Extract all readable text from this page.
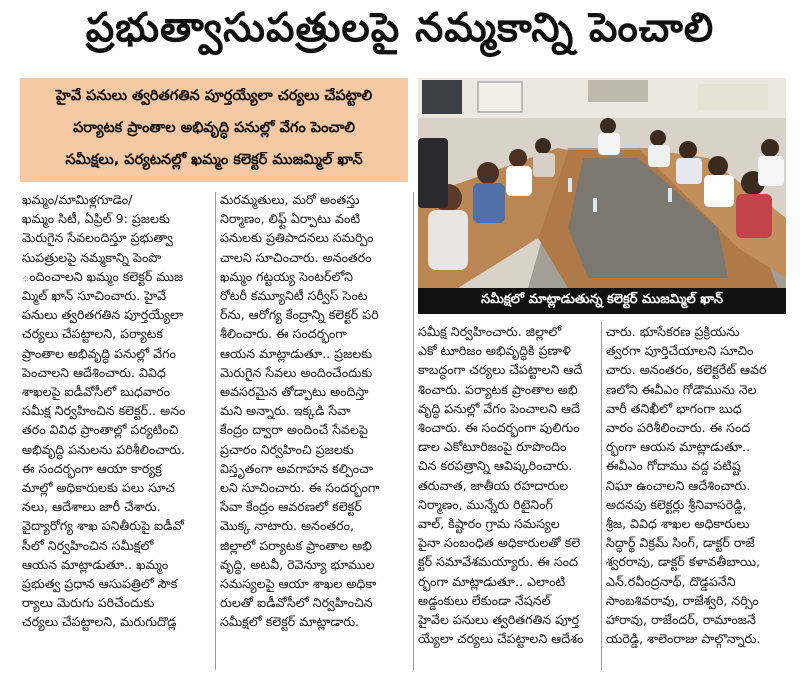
ప్రభుత్వాసుపత్రులపై నమ్మకాన్ని పెంచాలి
హైవే పనులు త్వరితగతిన పూర్తయ్యేలా చర్యలు చేపట్టాలి
పర్యాటక ప్రాంతాల అభివృద్ధి పనుల్లో వేగం పెంచాలి
సమీక్షలు, పర్యటనల్లో ఖమ్మం కలెక్టర్ ముజమ్మిల్ ఖాన్
సమీక్షలో మాట్లాడుతున్న కలెక్టర్ ముజమ్మిల్ ఖాన్

ఖమ్మం/మామిళ్లగూడెం/
ఖమ్మం సిటీ, ఏప్రిల్ 9: ప్రజలకు
మెరుగైన సేవలందిస్తూ ప్రభుత్వా
సుపత్రులపై నమ్మకాన్ని పెంపొ
ందించాలని ఖమ్మం కలెక్టర్ ముజ
మ్మిల్ ఖాన్ సూచించారు. హైవే
పనులు త్వరితగతిన పూర్తయ్యేలా
చర్యలు చేపట్టాలని, పర్యాటక
ప్రాంతాల అభివృద్ధి పనుల్లో వేగం
పెంచాలని ఆదేశించారు. వివిధ
శాఖలపై ఐడీవోసీలో బుధవారం
సమీక్ష నిర్వహించిన కలెక్టర్.. అనం
తరం వివిధ ప్రాంతాల్లో పర్యటించి
అభివృద్ధి పనులను పరిశీలించారు.
ఈ సందర్భంగా ఆయా కార్యక్ర
మాల్లో అధికారులకు పలు సూచ
నలు, ఆదేశాలు జారీ చేశారు.
వైద్యారోగ్య శాఖ పనితీరుపై ఐడీవో
సీలో నిర్వహించిన సమీక్షలో
ఆయన మాట్లాడుతూ.. ఖమ్మం
ప్రభుత్వ ప్రధాన ఆసుపత్రిలో సౌక
ర్యాలు మెరుగు పరిచేందుకు
చర్యలు చేపట్టాలని, మరుగుదొడ్ల

మరమ్మతులు, మరో అంతస్తు
నిర్మాణం, లిఫ్ట్ ఏర్పాటు వంటి
పనులకు ప్రతిపాదనలు సమర్పిం
చాలని సూచించారు. అనంతరం
ఖమ్మం గట్టయ్య సెంటర్‌లోని
రోటరీ కమ్యూనిటీ సర్వీస్ సెంట
ర్‌ను, ఆరోగ్య కేంద్రాన్ని కలెక్టర్ పరి
శీలించారు. ఈ సందర్భంగా
ఆయన మాట్లాడుతూ.. ప్రజలకు
మెరుగైన సేవలు అందించేందుకు
అవసరమైన తోడ్పాటు అందిస్తా
మని అన్నారు. ఇక్కడి సేవా
కేంద్రం ద్వారా అందించే సేవలపై
ప్రచారం నిర్వహించి ప్రజలకు
విస్తృతంగా అవగాహన కల్పించా
లని సూచించారు. ఈ సందర్భంగా
సేవా కేంద్రం ఆవరణలో కలెక్టర్
మొక్క నాటారు. అనంతరం,
జిల్లాలో పర్యాటక ప్రాంతాల అభి
వృద్ధి, అటవీ, రెవెన్యూ భూముల
సమస్యలపై ఆయా శాఖల అధికా
రులతో ఐడీవోసీలో నిర్వహించిన
సమీక్షలో కలెక్టర్ మాట్లాడారు.

సమీక్ష నిర్వహించారు. జిల్లాలో
ఎకో టూరిజం అభివృద్ధికి ప్రణాళి
కాబద్ధంగా చర్యలు చేపట్టాలని ఆదే
శించారు. పర్యాటక ప్రాంతాల అభి
వృద్ధి పనుల్లో వేగం పెంచాలని ఆదే
శించారు. ఈ సందర్భంగా పులిగుం
డాల ఎకోటూరిజంపై రూపొందిం
చిన కరపత్రాన్ని ఆవిష్కరించారు.
తరువాత, జాతీయ రహదారుల
నిర్మాణం, మున్నేరు రిటైనింగ్
వాల్, కిష్టారం గ్రామ సమస్యల
పైనా సంబంధిత అధికారులతో కలె
క్టర్ సమావేశమయ్యారు. ఈ సంద
ర్భంగా మాట్లాడుతూ.. ఎలాంటి
అడ్డంకులు లేకుండా నేషనల్
హైవేల పనులు త్వరితగతిన పూర్త
య్యేలా చర్యలు చేపట్టాలని ఆదేశం

చారు. భూసేకరణ ప్రక్రియను
త్వరగా పూర్తిచేయాలని సూచిం
చారు. అనంతరం, కలెక్టరేట్ ఆవర
ణలోని ఈవీఎం గోడౌమును నెల
వారీ తనిఖీలో భాగంగా బుధ
వారం పరిశీలించారు. ఈ సంద
ర్భంగా ఆయన మాట్లాడుతూ..
ఈవీఎం గోదాము వద్ద పటిష్ట
నిఘా ఉంచాలని ఆదేశించారు.
అదనపు కలెక్టర్లు శ్రీనివాసరెడ్డి,
శ్రీజ, వివిధ శాఖల అధికారులు
సిద్ధార్థ్ విక్రమ్ సింగ్, డాక్టర్ రాజే
శ్వరరావు, డాక్టర్ కళావతీబాయి,
ఎన్.రవీంద్రనాథ్, దొడ్డపనేని
సాంబశివరావు, రాజేశ్వరి, నర్సిం
హారావు, రాజేందర్, రామాంజనే
యరెడ్డి, శాలెంరాజు పాల్గొన్నారు.
